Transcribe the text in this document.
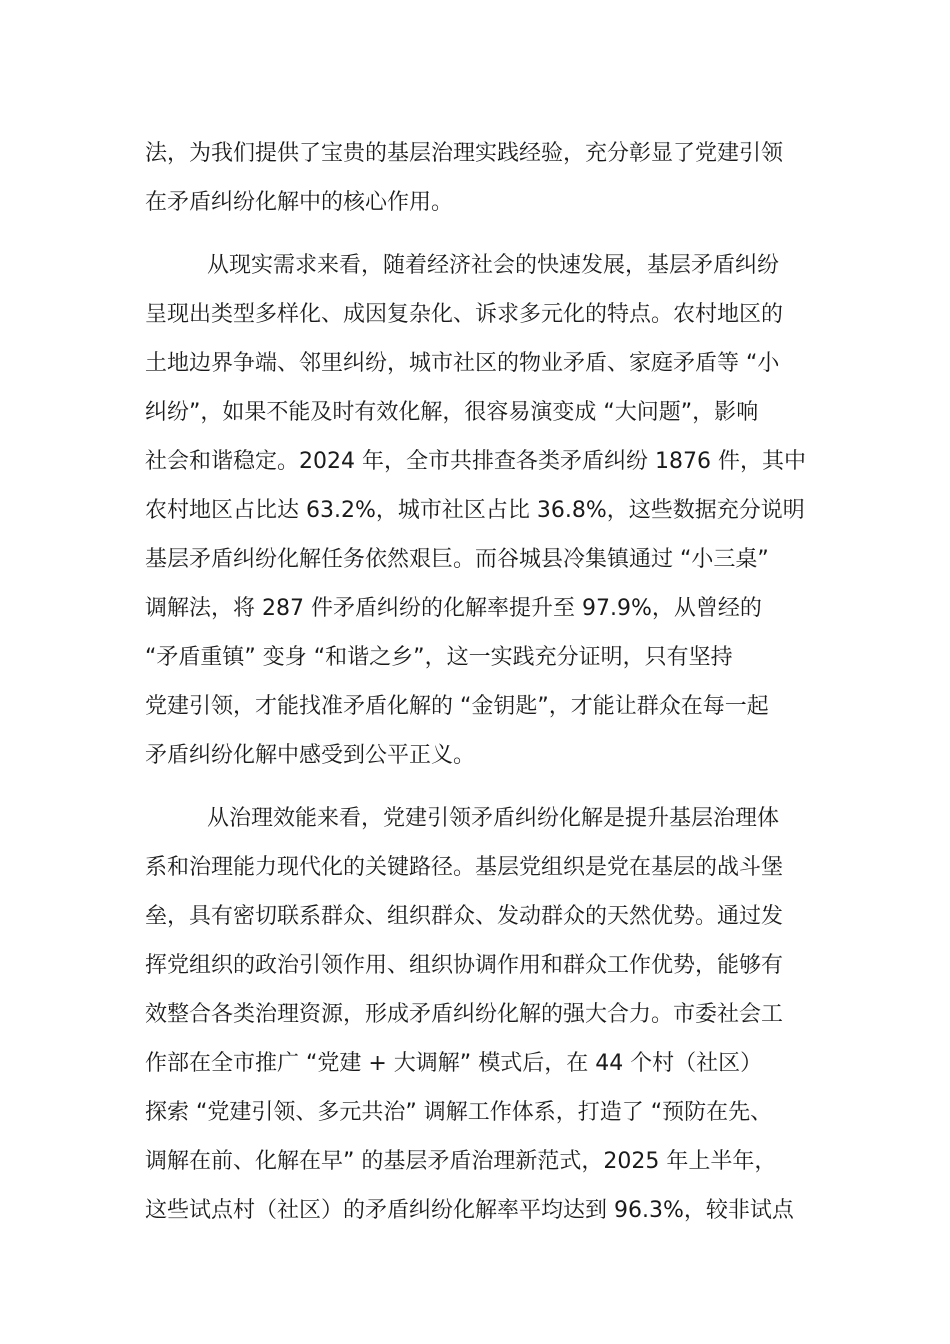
法，为我们提供了宝贵的基层治理实践经验，充分彰显了党建引领
在矛盾纠纷化解中的核心作用。
从现实需求来看，随着经济社会的快速发展，基层矛盾纠纷
呈现出类型多样化、成因复杂化、诉求多元化的特点。农村地区的
土地边界争端、邻里纠纷，城市社区的物业矛盾、家庭矛盾等 “小
纠纷”，如果不能及时有效化解，很容易演变成 “大问题”，影响
社会和谐稳定。2024 年，全市共排查各类矛盾纠纷 1876 件，其中
农村地区占比达 63.2%，城市社区占比 36.8%，这些数据充分说明
基层矛盾纠纷化解任务依然艰巨。而谷城县冷集镇通过 “小三桌”
调解法，将 287 件矛盾纠纷的化解率提升至 97.9%，从曾经的
“矛盾重镇” 变身 “和谐之乡”，这一实践充分证明，只有坚持
党建引领，才能找准矛盾化解的 “金钥匙”，才能让群众在每一起
矛盾纠纷化解中感受到公平正义。
从治理效能来看，党建引领矛盾纠纷化解是提升基层治理体
系和治理能力现代化的关键路径。基层党组织是党在基层的战斗堡
垒，具有密切联系群众、组织群众、发动群众的天然优势。通过发
挥党组织的政治引领作用、组织协调作用和群众工作优势，能够有
效整合各类治理资源，形成矛盾纠纷化解的强大合力。市委社会工
作部在全市推广 “党建 + 大调解” 模式后，在 44 个村（社区）
探索 “党建引领、多元共治” 调解工作体系，打造了 “预防在先、
调解在前、化解在早” 的基层矛盾治理新范式，2025 年上半年，
这些试点村（社区）的矛盾纠纷化解率平均达到 96.3%，较非试点
